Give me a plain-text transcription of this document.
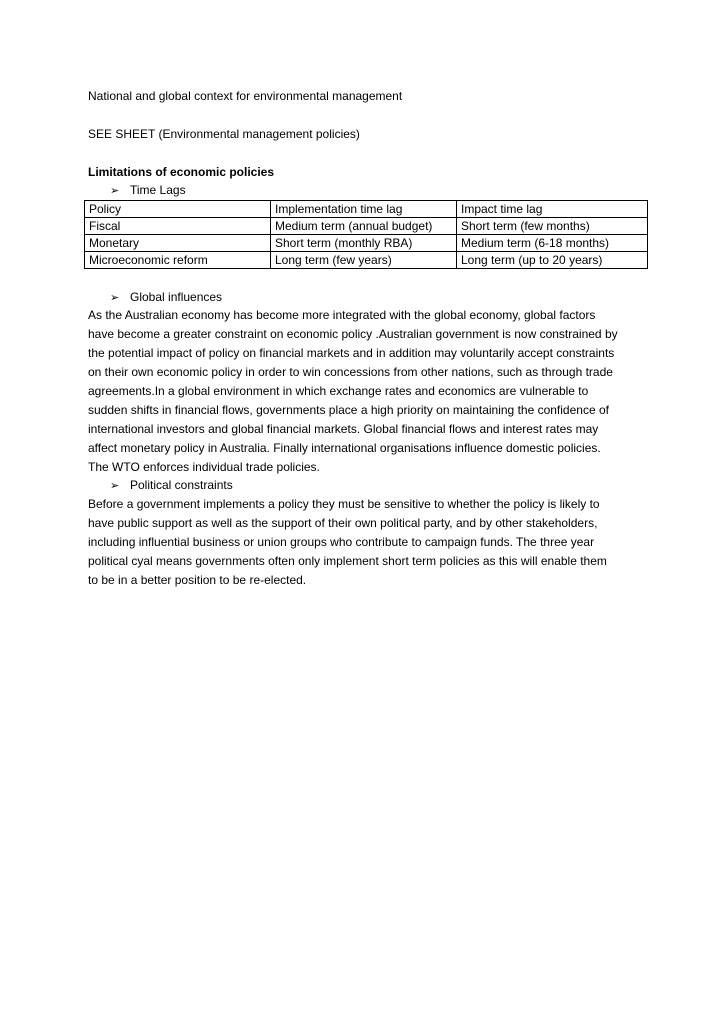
National and global context for environmental management
SEE SHEET (Environmental management policies)
Limitations of economic policies
➢ Time Lags
Policy	Implementation time lag	Impact time lag
Fiscal	Medium term (annual budget)	Short term (few months)
Monetary	Short term (monthly RBA)	Medium term (6-18 months)
Microeconomic reform	Long term (few years)	Long term (up to 20 years)
➢ Global influences
As the Australian economy has become more integrated with the global economy, global factors
have become a greater constraint on economic policy .Australian government is now constrained by
the potential impact of policy on financial markets and in addition may voluntarily accept constraints
on their own economic policy in order to win concessions from other nations, such as through trade
agreements.In a global environment in which exchange rates and economics are vulnerable to
sudden shifts in financial flows, governments place a high priority on maintaining the confidence of
international investors and global financial markets. Global financial flows and interest rates may
affect monetary policy in Australia. Finally international organisations influence domestic policies.
The WTO enforces individual trade policies.
➢ Political constraints
Before a government implements a policy they must be sensitive to whether the policy is likely to
have public support as well as the support of their own political party, and by other stakeholders,
including influential business or union groups who contribute to campaign funds. The three year
political cyal means governments often only implement short term policies as this will enable them
to be in a better position to be re-elected.
